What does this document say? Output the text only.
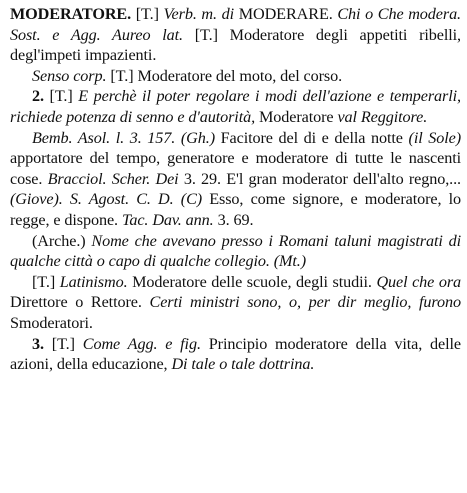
MODERATORE. [T.] Verb. m. di MODERARE. Chi o Che modera. Sost. e Agg. Aureo lat. [T.] Moderatore degli appetiti ribelli, degl'impeti impazienti.

Senso corp. [T.] Moderatore del moto, del corso.

2. [T.] E perchè il poter regolare i modi dell'azione e temperarli, richiede potenza di senno e d'autorità, Moderatore val Reggitore.

Bemb. Asol. l. 3. 157. (Gh.) Facitore del di e della notte (il Sole) apportatore del tempo, generatore e moderatore di tutte le nascenti cose. Bracciol. Scher. Dei 3. 29. E'l gran moderator dell'alto regno,... (Giove). S. Agost. C. D. (C) Esso, come signore, e moderatore, lo regge, e dispone. Tac. Dav. ann. 3. 69.

(Arche.) Nome che avevano presso i Romani taluni magistrati di qualche città o capo di qualche collegio. (Mt.)

[T.] Latinismo. Moderatore delle scuole, degli studii. Quel che ora Direttore o Rettore. Certi ministri sono, o, per dir meglio, furono Smoderatori.

3. [T.] Come Agg. e fig. Principio moderatore della vita, delle azioni, della educazione, Di tale o tale dottrina.
